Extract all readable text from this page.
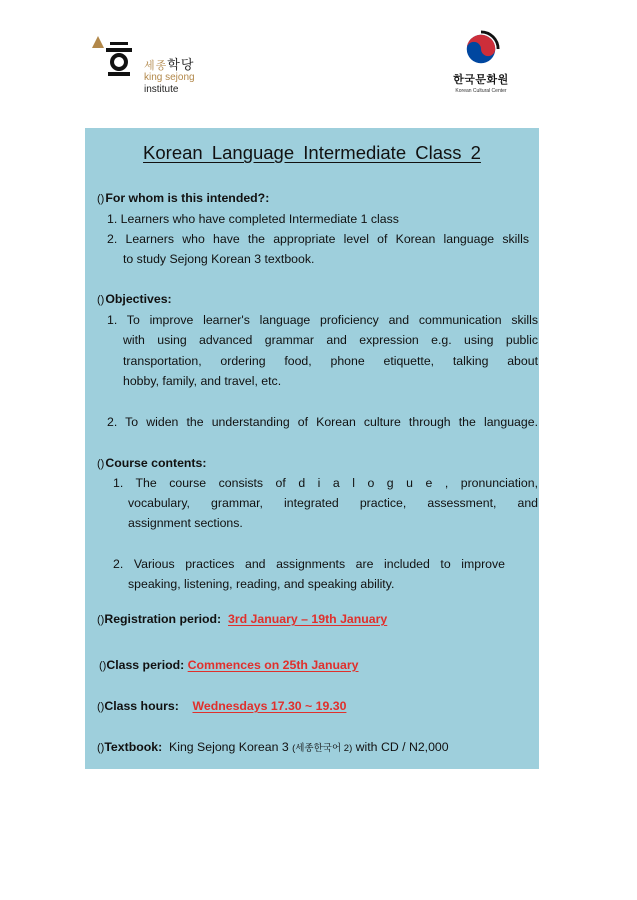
세종학당
king sejong
institute
한국문화원
Korean Cultural Center
Korean Language Intermediate Class 2
()For whom is this intended?:
1. Learners who have completed Intermediate 1 class
2. Learners who have the appropriate level of Korean language skills
to study Sejong Korean 3 textbook.
()Objectives:
1. To improve learner's language proficiency and communication skills
with using advanced grammar and expression e.g. using public
transportation, ordering food, phone etiquette, talking about
hobby, family, and travel, etc.
2. To widen the understanding of Korean culture through the language.
()Course contents:
1. The course consists of d i a l o g u e , pronunciation,
vocabulary, grammar, integrated practice, assessment, and
assignment sections.
2. Various practices and assignments are included to improve
speaking, listening, reading, and speaking ability.
()Registration period: 3rd January – 19th January
()Class period: Commences on 25th January
()Class hours: Wednesdays 17.30 ~ 19.30
()Textbook: King Sejong Korean 3 (세종한국어 2) with CD / N2,000
